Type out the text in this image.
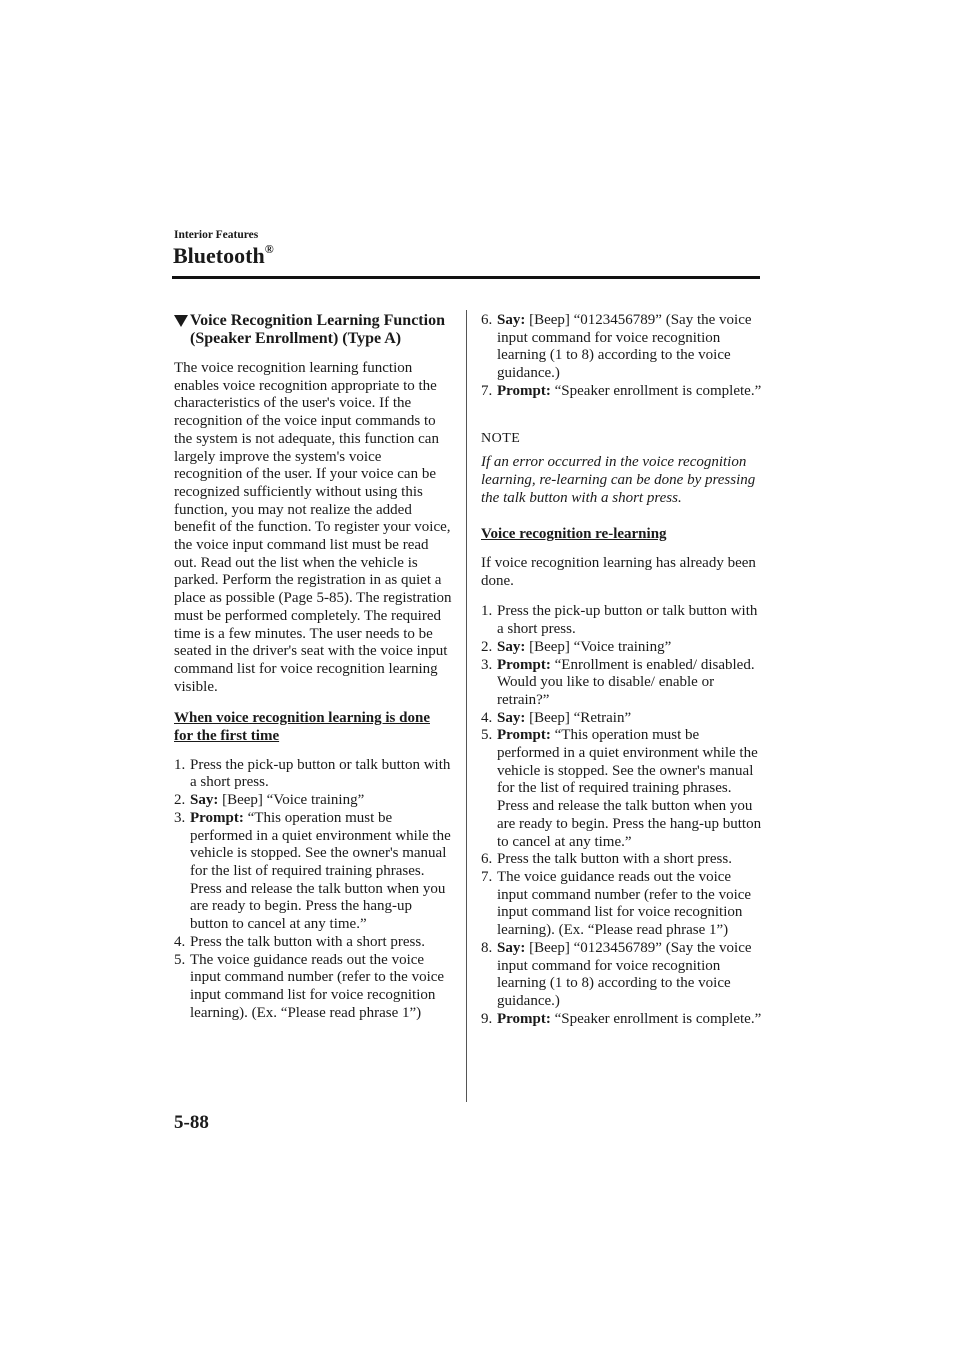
Interior Features
Bluetooth®
Voice Recognition Learning Function (Speaker Enrollment) (Type A)

The voice recognition learning function enables voice recognition appropriate to the characteristics of the user's voice. If the recognition of the voice input commands to the system is not adequate, this function can largely improve the system's voice recognition of the user. If your voice can be recognized sufficiently without using this function, you may not realize the added benefit of the function. To register your voice, the voice input command list must be read out. Read out the list when the vehicle is parked. Perform the registration in as quiet a place as possible (Page 5-85). The registration must be performed completely. The required time is a few minutes. The user needs to be seated in the driver's seat with the voice input command list for voice recognition learning visible.

When voice recognition learning is done for the first time

1. Press the pick-up button or talk button with a short press.
2. Say: [Beep] “Voice training”
3. Prompt: “This operation must be performed in a quiet environment while the vehicle is stopped. See the owner's manual for the list of required training phrases. Press and release the talk button when you are ready to begin. Press the hang-up button to cancel at any time.”
4. Press the talk button with a short press.
5. The voice guidance reads out the voice input command number (refer to the voice input command list for voice recognition learning). (Ex. “Please read phrase 1”)
6. Say: [Beep] “0123456789” (Say the voice input command for voice recognition learning (1 to 8) according to the voice guidance.)
7. Prompt: “Speaker enrollment is complete.”

NOTE

If an error occurred in the voice recognition learning, re-learning can be done by pressing the talk button with a short press.

Voice recognition re-learning

If voice recognition learning has already been done.

1. Press the pick-up button or talk button with a short press.
2. Say: [Beep] “Voice training”
3. Prompt: “Enrollment is enabled/ disabled. Would you like to disable/ enable or retrain?”
4. Say: [Beep] “Retrain”
5. Prompt: “This operation must be performed in a quiet environment while the vehicle is stopped. See the owner's manual for the list of required training phrases. Press and release the talk button when you are ready to begin. Press the hang-up button to cancel at any time.”
6. Press the talk button with a short press.
7. The voice guidance reads out the voice input command number (refer to the voice input command list for voice recognition learning). (Ex. “Please read phrase 1”)
8. Say: [Beep] “0123456789” (Say the voice input command for voice recognition learning (1 to 8) according to the voice guidance.)
9. Prompt: “Speaker enrollment is complete.”
5-88
